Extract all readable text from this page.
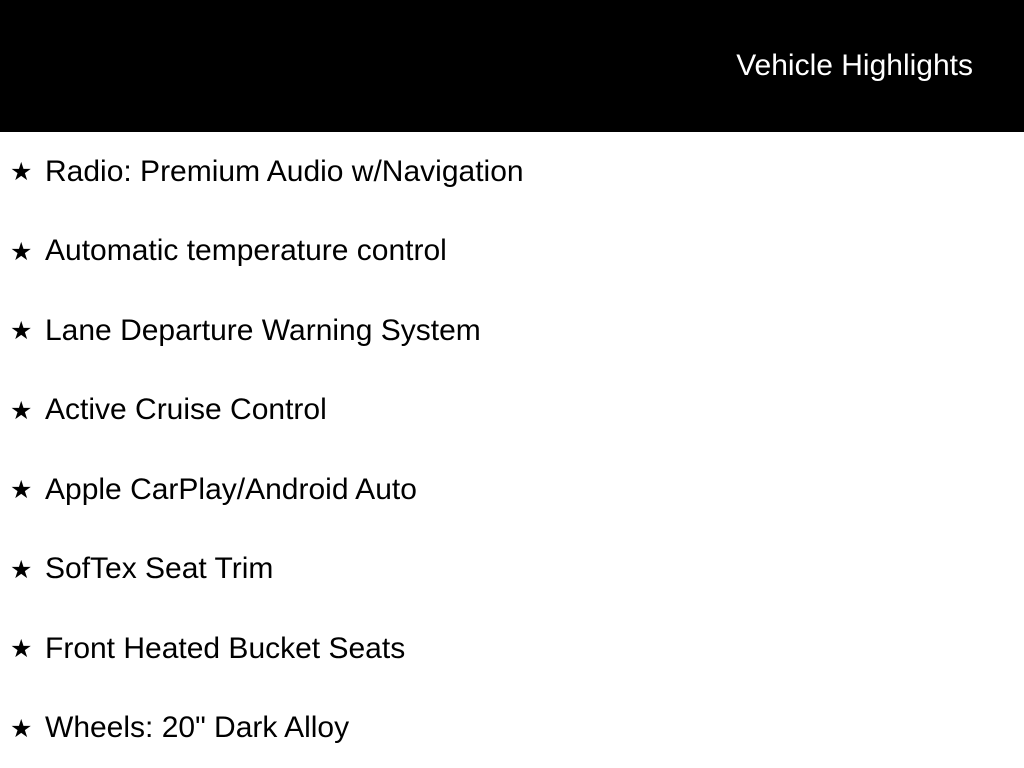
Vehicle Highlights
★ Radio: Premium Audio w/Navigation
★ Automatic temperature control
★ Lane Departure Warning System
★ Active Cruise Control
★ Apple CarPlay/Android Auto
★ SofTex Seat Trim
★ Front Heated Bucket Seats
★ Wheels: 20" Dark Alloy
